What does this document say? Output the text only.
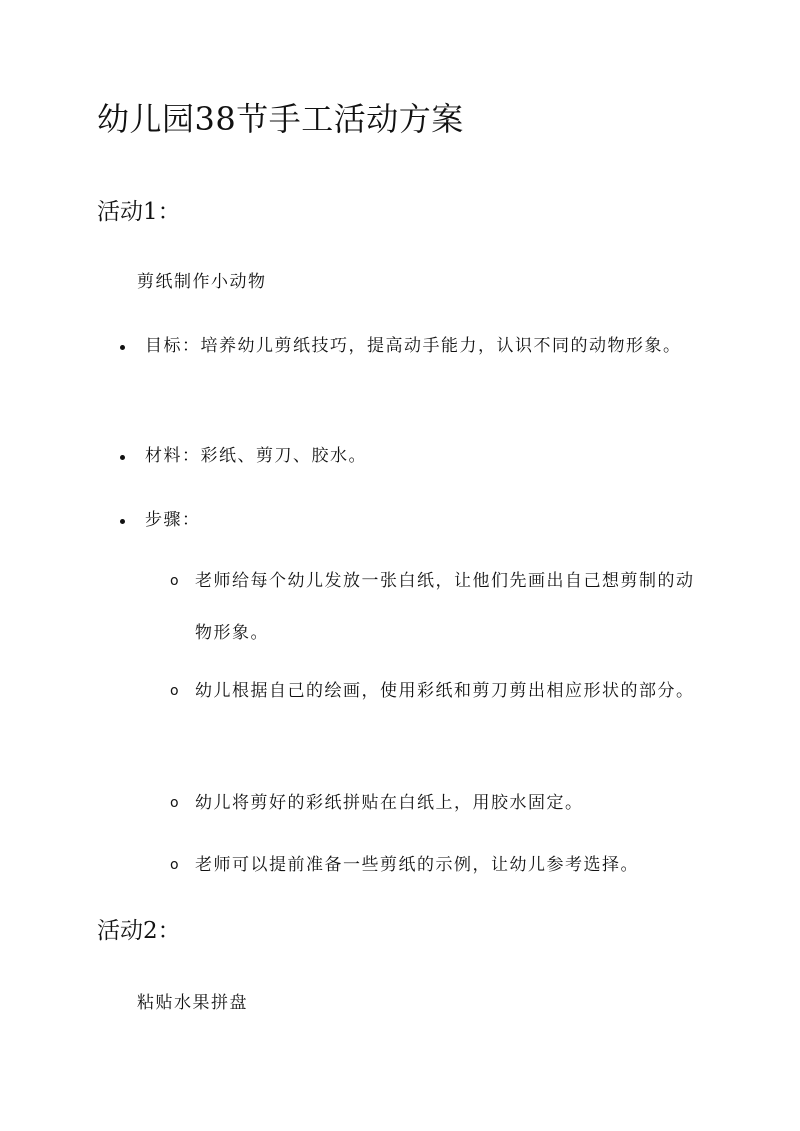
幼儿园38节手工活动方案
活动1：
剪纸制作小动物
目标：培养幼儿剪纸技巧，提高动手能力，认识不同的动物形象。
材料：彩纸、剪刀、胶水。
步骤：
o 老师给每个幼儿发放一张白纸，让他们先画出自己想剪制的动物形象。
o 幼儿根据自己的绘画，使用彩纸和剪刀剪出相应形状的部分。
o 幼儿将剪好的彩纸拼贴在白纸上，用胶水固定。
o 老师可以提前准备一些剪纸的示例，让幼儿参考选择。
活动2：
粘贴水果拼盘
